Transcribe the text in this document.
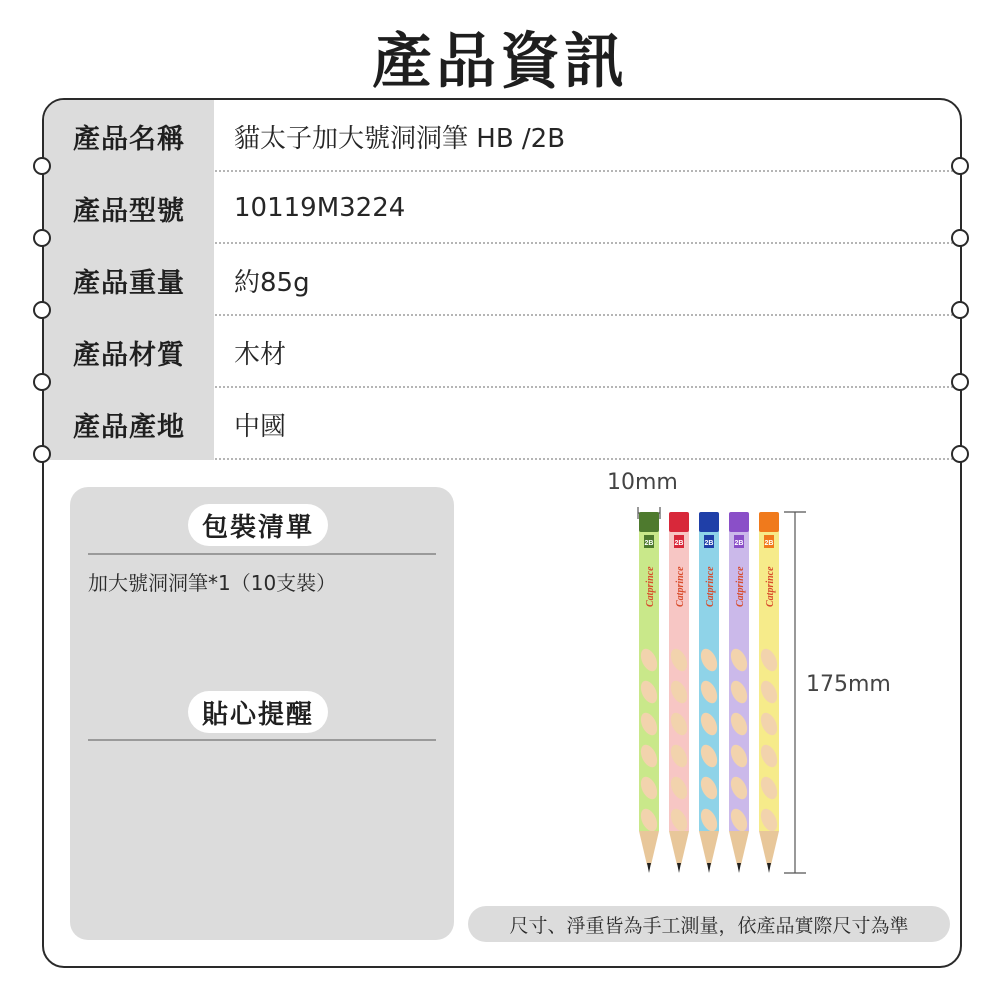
產品資訊
產品名稱	貓太子加大號洞洞筆 HB /2B
產品型號	10119M3224
產品重量	約85g
產品材質	木材
產品產地	中國
包裝清單
加大號洞洞筆*1（10支裝）
貼心提醒
10mm
175mm
2B
Catprince
2B
Catprince
2B
Catprince
2B
Catprince
2B
Catprince
尺寸、淨重皆為手工測量，依產品實際尺寸為準
